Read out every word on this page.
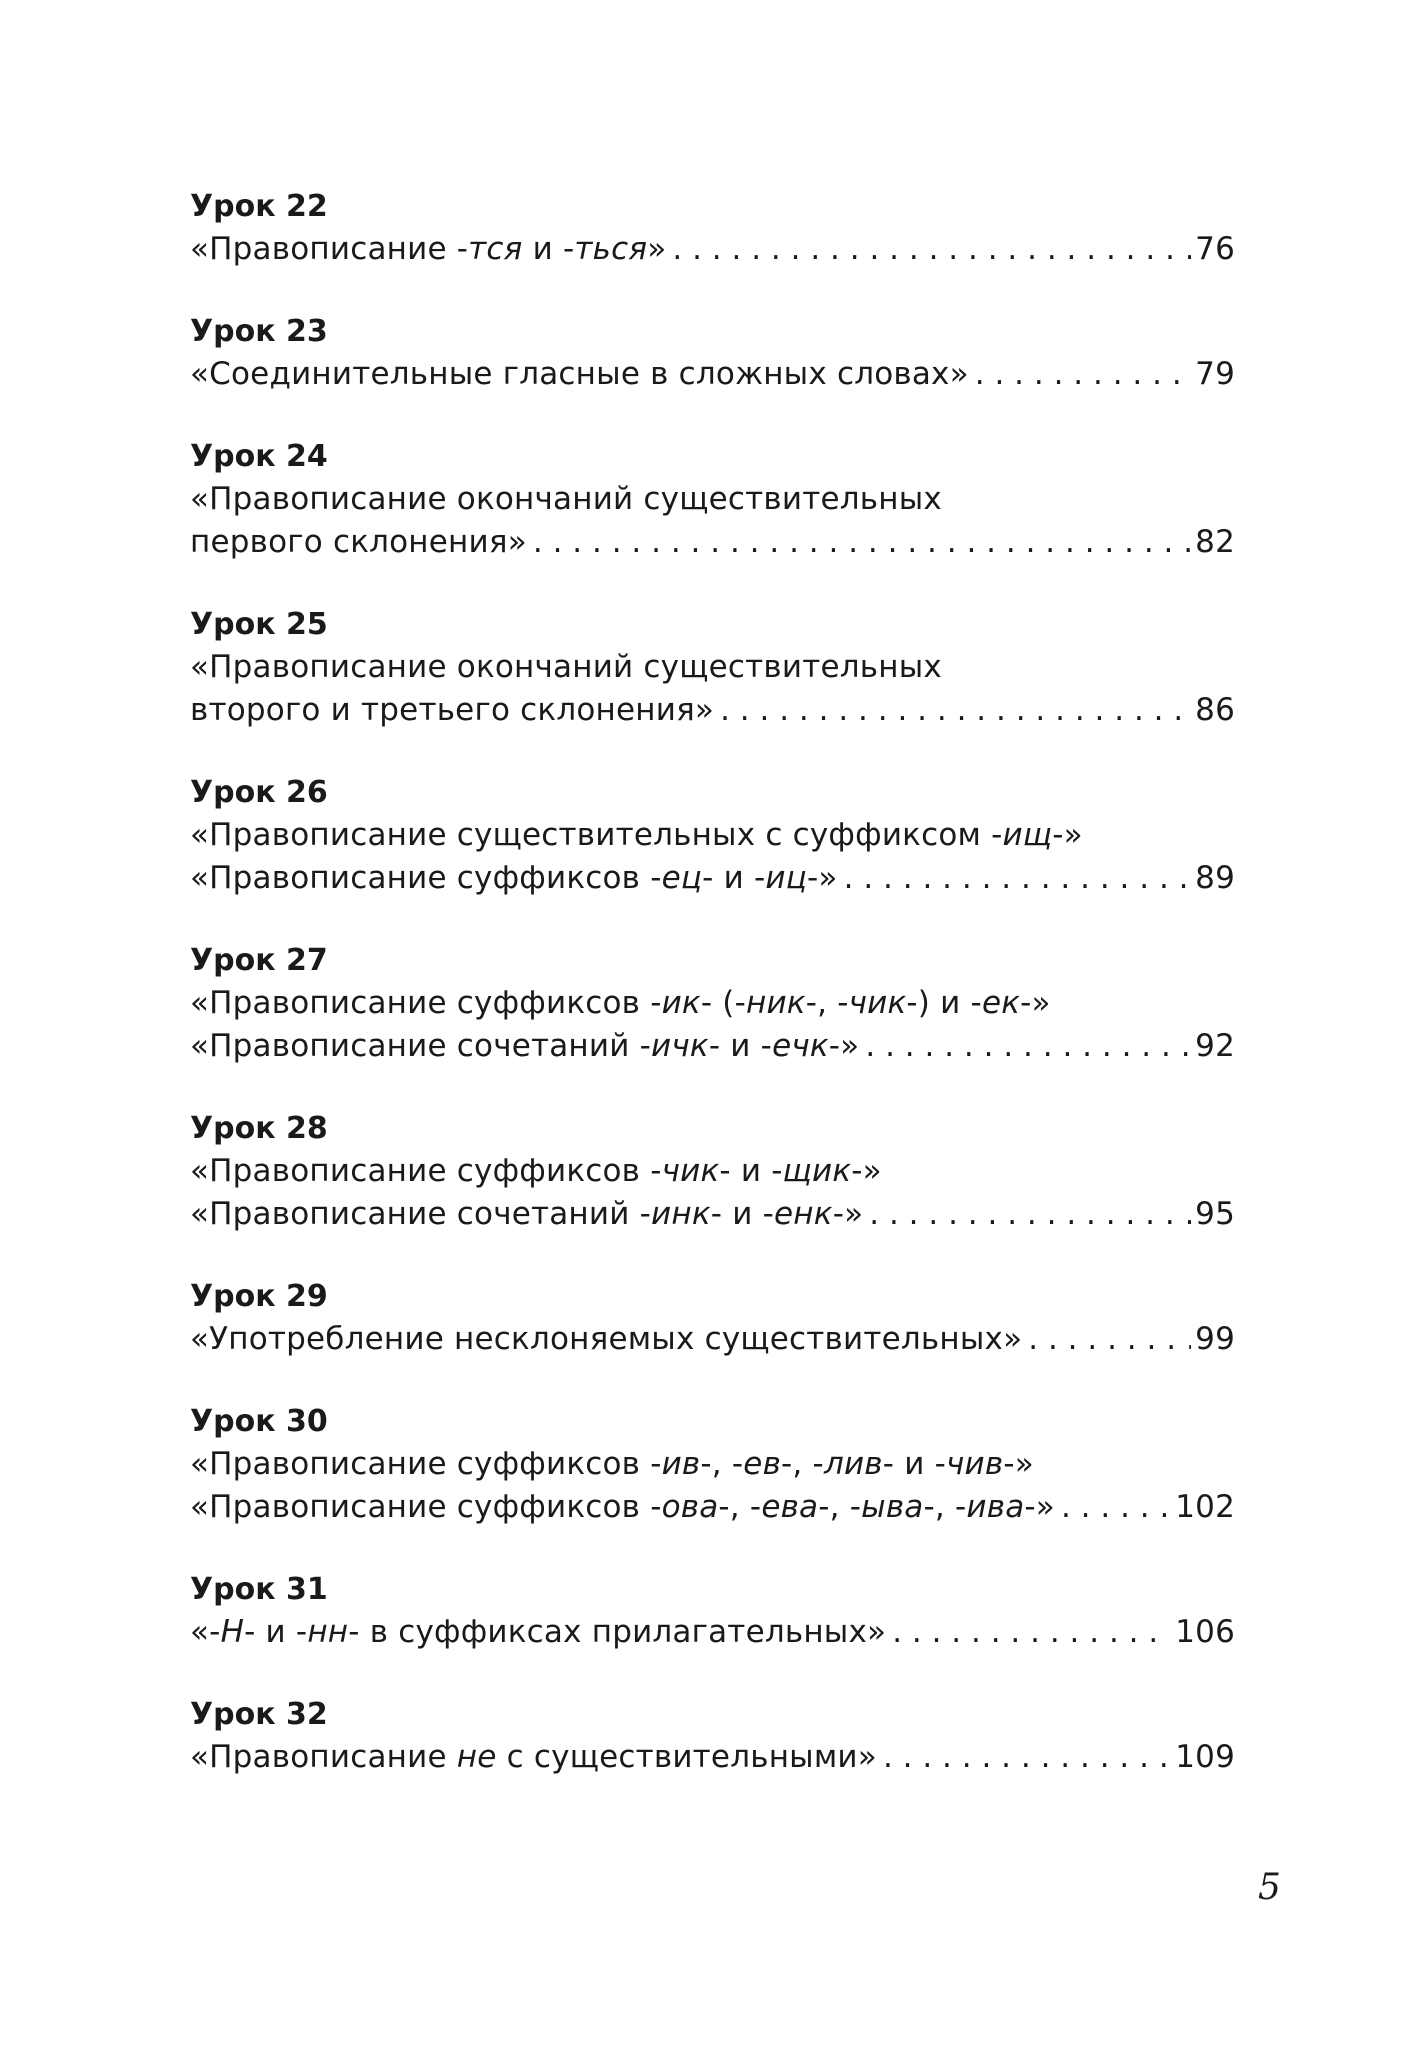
Урок 22
«Правописание -тся и -ться» . . .	76
Урок 23
«Соединительные гласные в сложных словах» . . .	79
Урок 24
«Правописание окончаний существительных
первого склонения» . . .	82
Урок 25
«Правописание окончаний существительных
второго и третьего склонения» . . .	86
Урок 26
«Правописание существительных с суффиксом -ищ-»
«Правописание суффиксов -ец- и -иц-» . . .	89
Урок 27
«Правописание суффиксов -ик- (-ник-, -чик-) и -ек-»
«Правописание сочетаний -ичк- и -ечк-» . . .	92
Урок 28
«Правописание суффиксов -чик- и -щик-»
«Правописание сочетаний -инк- и -енк-» . . .	95
Урок 29
«Употребление несклоняемых существительных» . . .	99
Урок 30
«Правописание суффиксов -ив-, -ев-, -лив- и -чив-»
«Правописание суффиксов -ова-, -ева-, -ыва-, -ива-» . . .	102
Урок 31
«-Н- и -нн- в суффиксах прилагательных» . . .	106
Урок 32
«Правописание не с существительными» . . .	109
5
